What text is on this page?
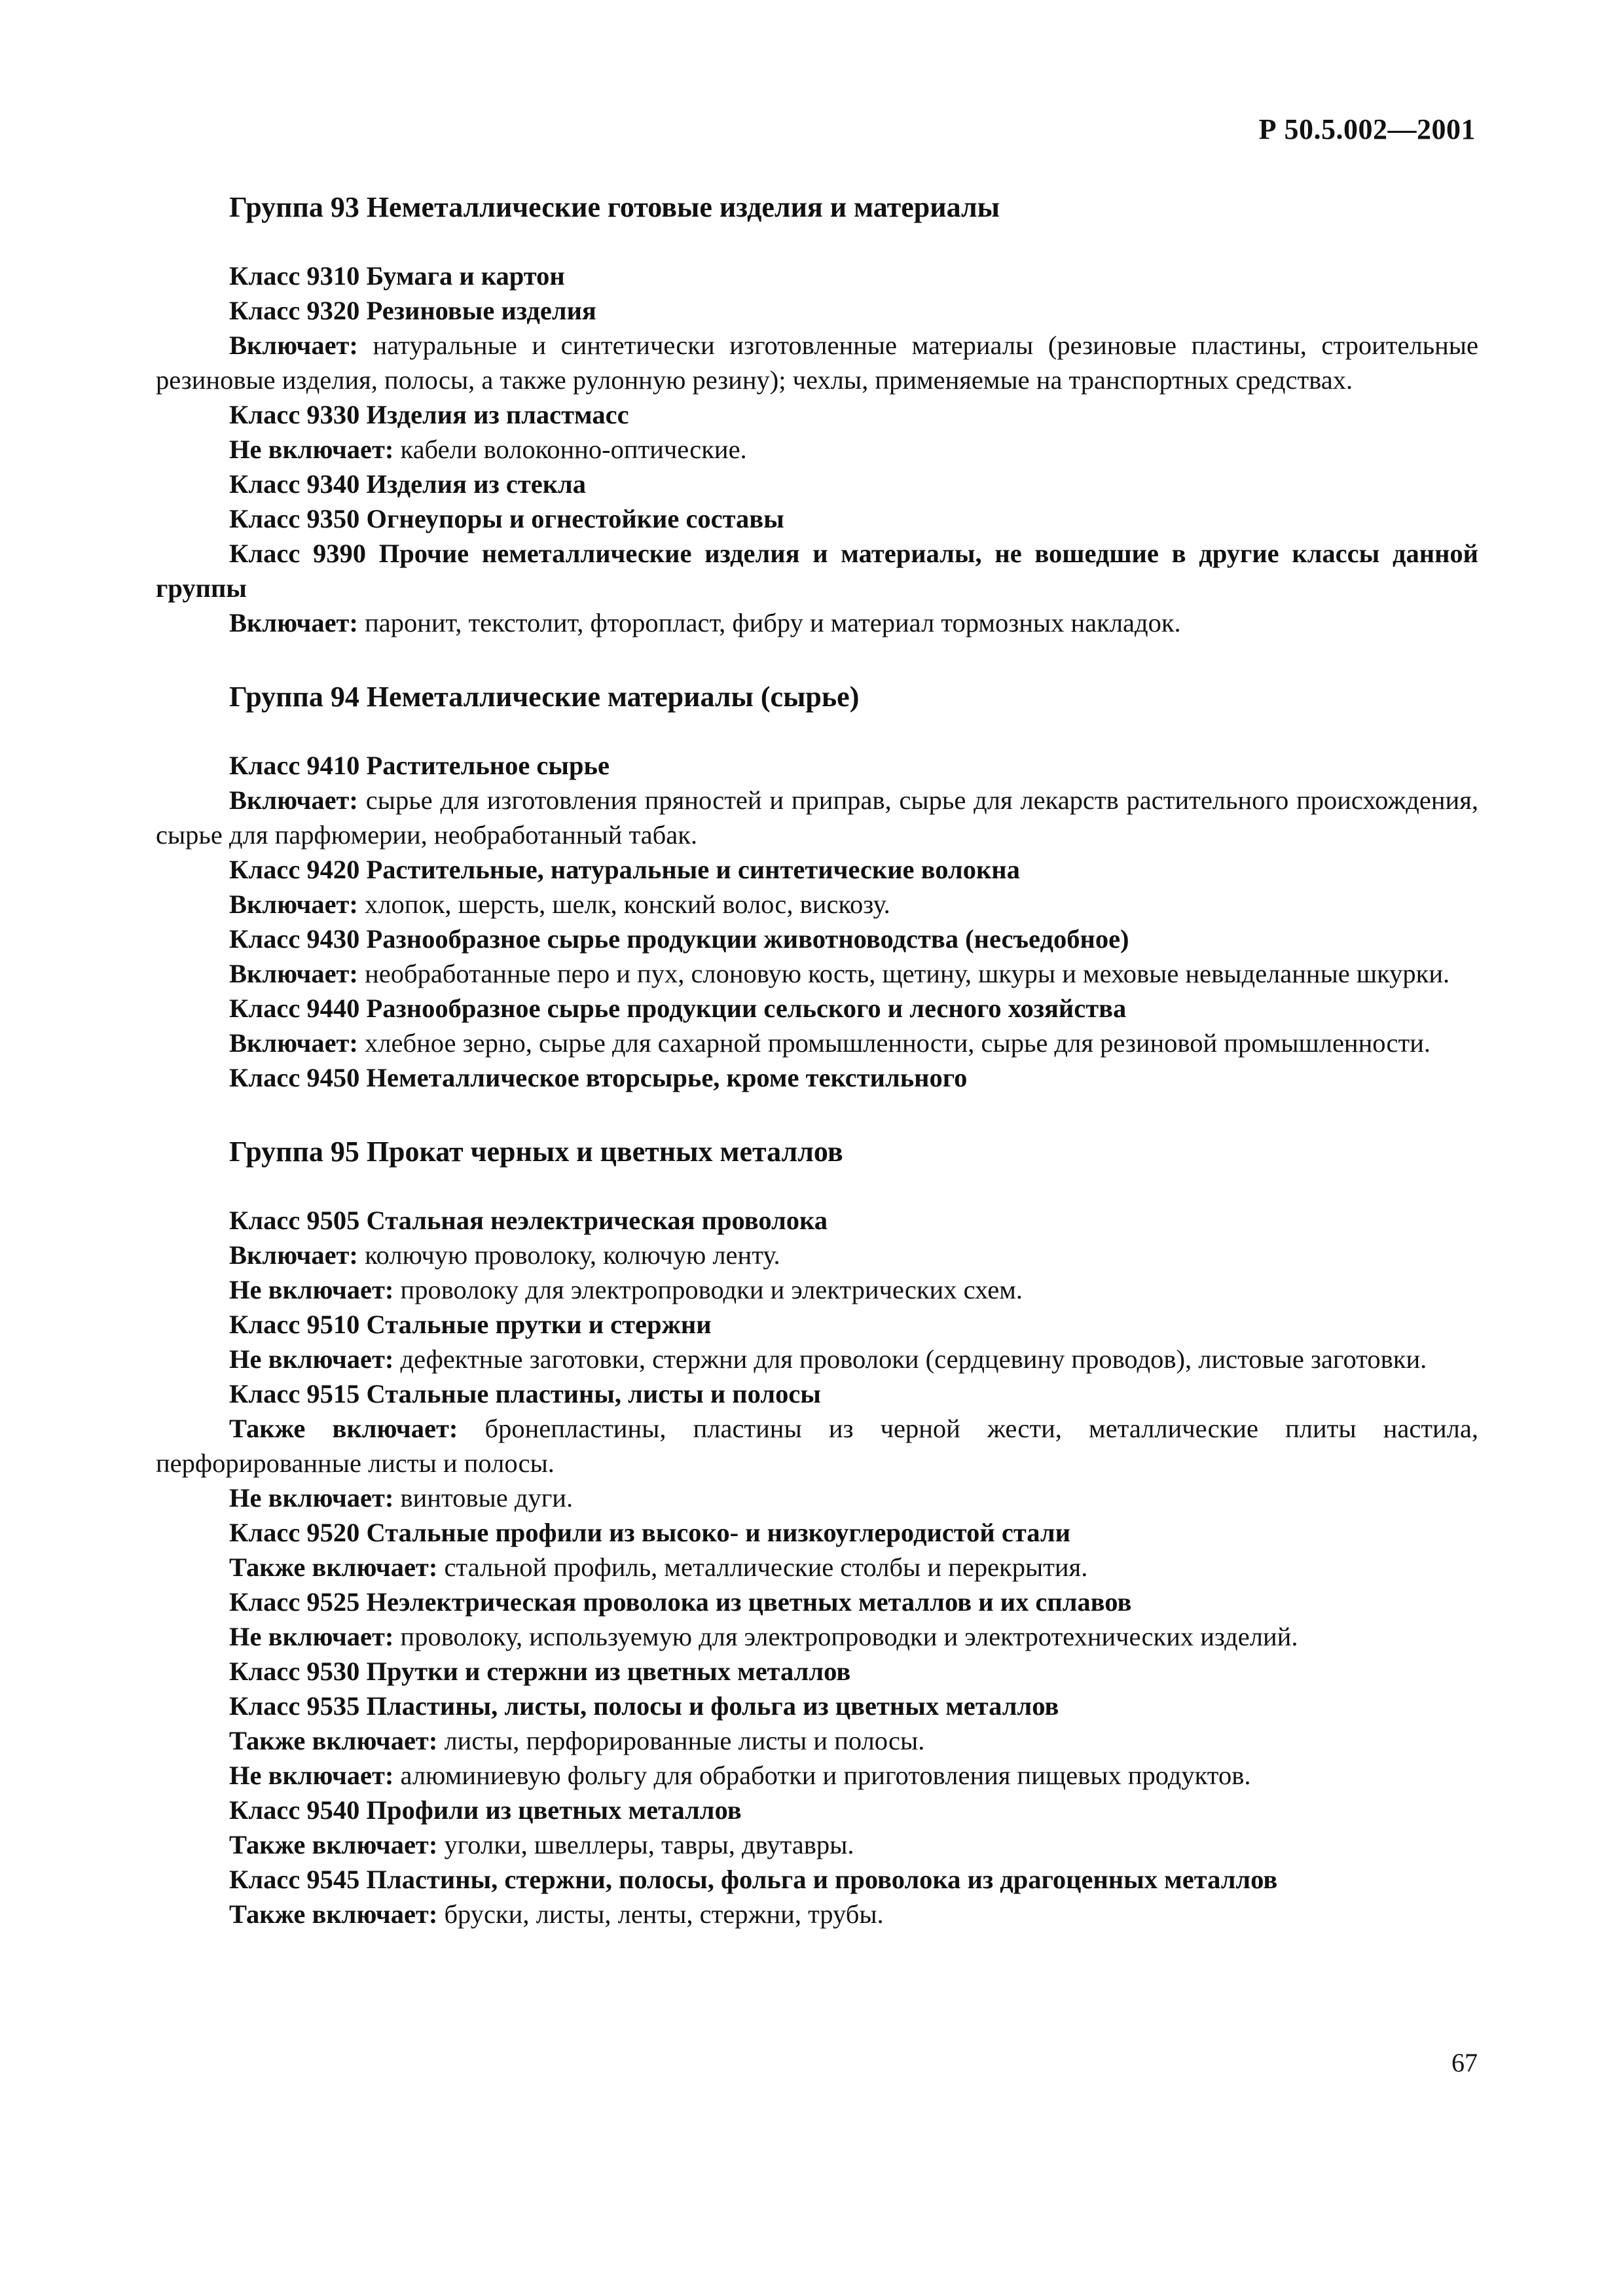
Р 50.5.002—2001
Группа 93 Неметаллические готовые изделия и материалы

Класс 9310 Бумага и картон

Класс 9320 Резиновые изделия

Включает: натуральные и синтетически изготовленные материалы (резиновые пластины, строительные резиновые изделия, полосы, а также рулонную резину); чехлы, применяемые на транспортных средствах.

Класс 9330 Изделия из пластмасс

Не включает: кабели волоконно-оптические.

Класс 9340 Изделия из стекла

Класс 9350 Огнеупоры и огнестойкие составы

Класс 9390 Прочие неметаллические изделия и материалы, не вошедшие в другие классы данной группы

Включает: паронит, текстолит, фторопласт, фибру и материал тормозных накладок.

Группа 94 Неметаллические материалы (сырье)

Класс 9410 Растительное сырье

Включает: сырье для изготовления пряностей и приправ, сырье для лекарств растительного происхождения, сырье для парфюмерии, необработанный табак.

Класс 9420 Растительные, натуральные и синтетические волокна

Включает: хлопок, шерсть, шелк, конский волос, вискозу.

Класс 9430 Разнообразное сырье продукции животноводства (несъедобное)

Включает: необработанные перо и пух, слоновую кость, щетину, шкуры и меховые невыделанные шкурки.

Класс 9440 Разнообразное сырье продукции сельского и лесного хозяйства

Включает: хлебное зерно, сырье для сахарной промышленности, сырье для резиновой промышленности.

Класс 9450 Неметаллическое вторсырье, кроме текстильного

Группа 95 Прокат черных и цветных металлов

Класс 9505 Стальная неэлектрическая проволока

Включает: колючую проволоку, колючую ленту.

Не включает: проволоку для электропроводки и электрических схем.

Класс 9510 Стальные прутки и стержни

Не включает: дефектные заготовки, стержни для проволоки (сердцевину проводов), листовые заготовки.

Класс 9515 Стальные пластины, листы и полосы

Также включает: бронепластины, пластины из черной жести, металлические плиты настила, перфорированные листы и полосы.

Не включает: винтовые дуги.

Класс 9520 Стальные профили из высоко- и низкоуглеродистой стали

Также включает: стальной профиль, металлические столбы и перекрытия.

Класс 9525 Неэлектрическая проволока из цветных металлов и их сплавов

Не включает: проволоку, используемую для электропроводки и электротехнических изделий.

Класс 9530 Прутки и стержни из цветных металлов

Класс 9535 Пластины, листы, полосы и фольга из цветных металлов

Также включает: листы, перфорированные листы и полосы.

Не включает: алюминиевую фольгу для обработки и приготовления пищевых продуктов.

Класс 9540 Профили из цветных металлов

Также включает: уголки, швеллеры, тавры, двутавры.

Класс 9545 Пластины, стержни, полосы, фольга и проволока из драгоценных металлов

Также включает: бруски, листы, ленты, стержни, трубы.

67
